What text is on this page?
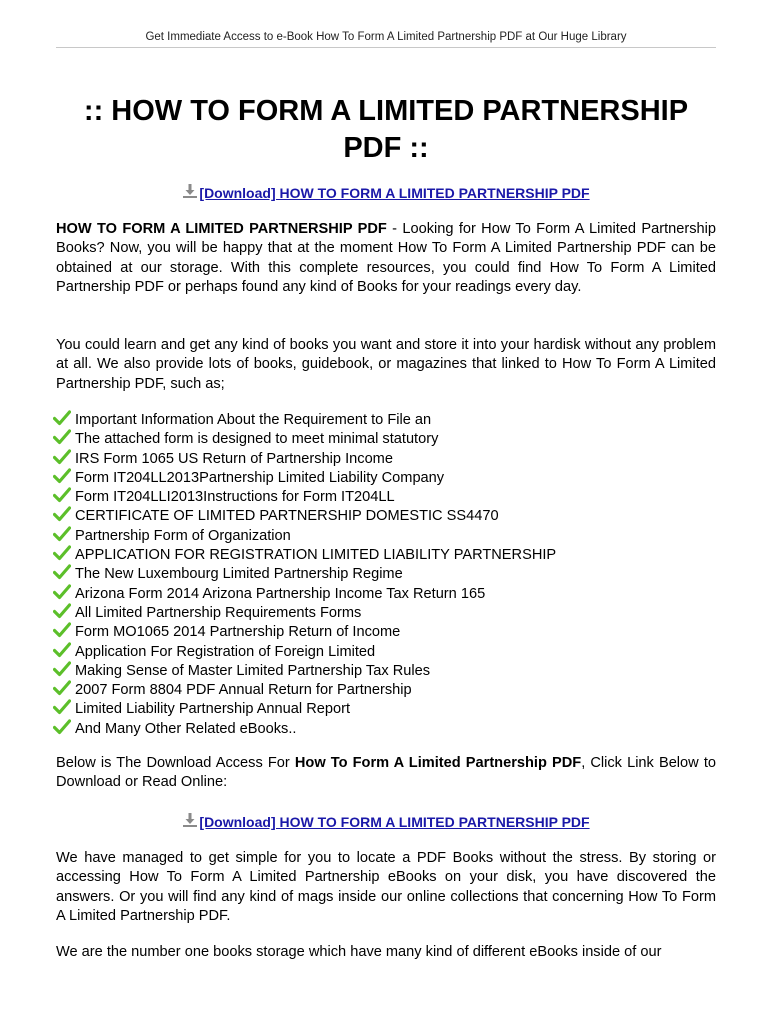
Get Immediate Access to e-Book How To Form A Limited Partnership PDF at Our Huge Library
:: HOW TO FORM A LIMITED PARTNERSHIP PDF ::
[Download] HOW TO FORM A LIMITED PARTNERSHIP PDF

HOW TO FORM A LIMITED PARTNERSHIP PDF - Looking for How To Form A Limited Partnership Books? Now, you will be happy that at the moment How To Form A Limited Partnership PDF can be obtained at our storage. With this complete resources, you could find How To Form A Limited Partnership PDF or perhaps found any kind of Books for your readings every day.

You could learn and get any kind of books you want and store it into your hardisk without any problem at all. We also provide lots of books, guidebook, or magazines that linked to How To Form A Limited Partnership PDF, such as;

Important Information About the Requirement to File an
The attached form is designed to meet minimal statutory
IRS Form 1065 US Return of Partnership Income
Form IT204LL2013Partnership Limited Liability Company
Form IT204LLI2013Instructions for Form IT204LL
CERTIFICATE OF LIMITED PARTNERSHIP DOMESTIC SS4470
Partnership Form of Organization
APPLICATION FOR REGISTRATION LIMITED LIABILITY PARTNERSHIP
The New Luxembourg Limited Partnership Regime
Arizona Form 2014 Arizona Partnership Income Tax Return 165
All Limited Partnership Requirements Forms
Form MO1065 2014 Partnership Return of Income
Application For Registration of Foreign Limited
Making Sense of Master Limited Partnership Tax Rules
2007 Form 8804 PDF Annual Return for Partnership
Limited Liability Partnership Annual Report
And Many Other Related eBooks..

Below is The Download Access For How To Form A Limited Partnership PDF, Click Link Below to Download or Read Online:

[Download] HOW TO FORM A LIMITED PARTNERSHIP PDF

We have managed to get simple for you to locate a PDF Books without the stress. By storing or accessing How To Form A Limited Partnership eBooks on your disk, you have discovered the answers. Or you will find any kind of mags inside our online collections that concerning How To Form A Limited Partnership PDF.

We are the number one books storage which have many kind of different eBooks inside of our
